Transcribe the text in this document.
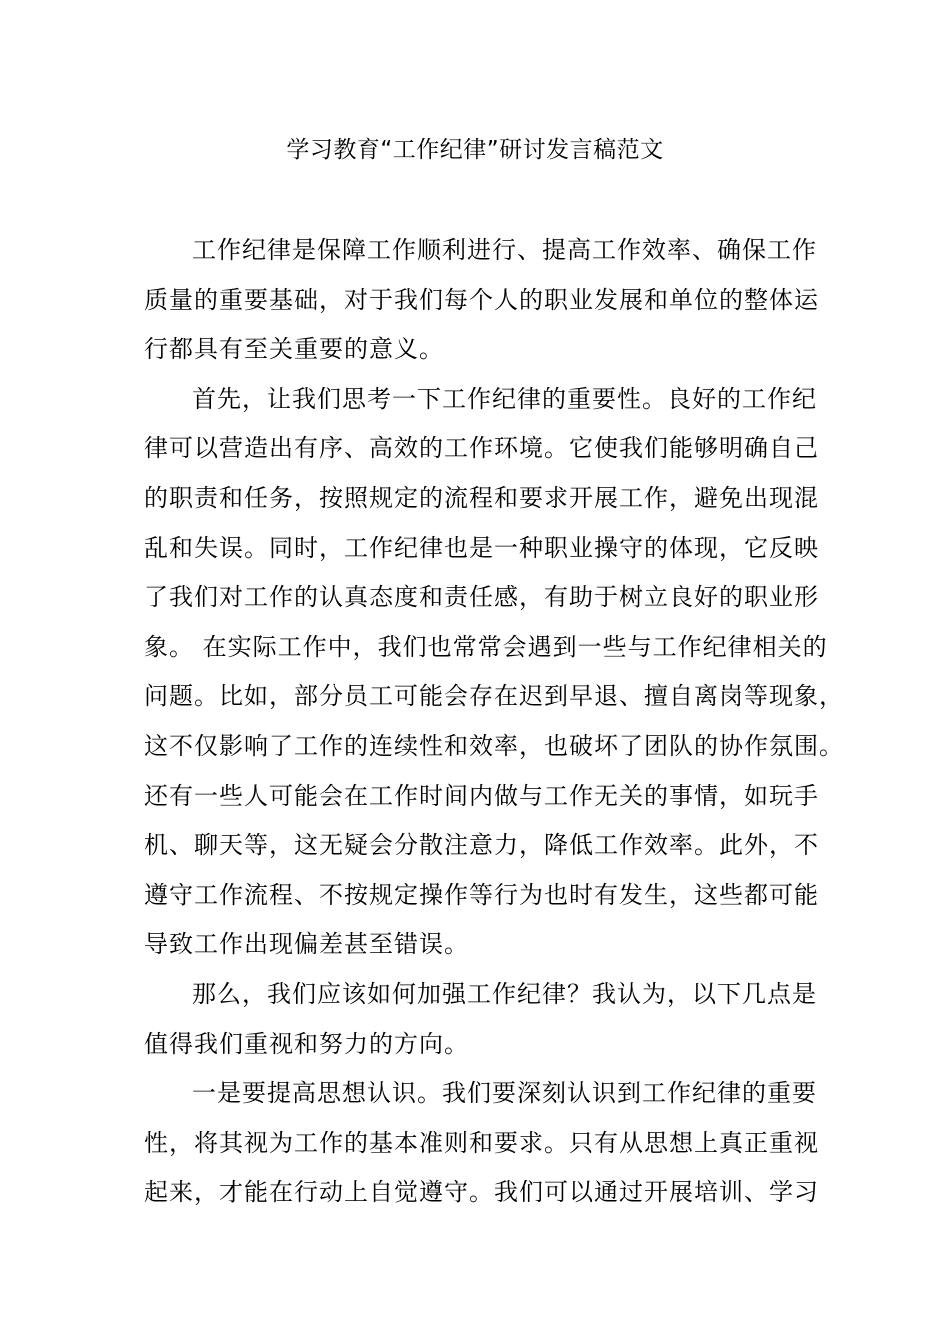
学习教育“工作纪律”研讨发言稿范文

工作纪律是保障工作顺利进行、提高工作效率、确保工作
质量的重要基础，对于我们每个人的职业发展和单位的整体运
行都具有至关重要的意义。

首先，让我们思考一下工作纪律的重要性。良好的工作纪
律可以营造出有序、高效的工作环境。它使我们能够明确自己
的职责和任务，按照规定的流程和要求开展工作，避免出现混
乱和失误。同时，工作纪律也是一种职业操守的体现，它反映
了我们对工作的认真态度和责任感，有助于树立良好的职业形
象。 在实际工作中，我们也常常会遇到一些与工作纪律相关的
问题。比如，部分员工可能会存在迟到早退、擅自离岗等现象，
这不仅影响了工作的连续性和效率，也破坏了团队的协作氛围。
还有一些人可能会在工作时间内做与工作无关的事情，如玩手
机、聊天等，这无疑会分散注意力，降低工作效率。此外，不
遵守工作流程、不按规定操作等行为也时有发生，这些都可能
导致工作出现偏差甚至错误。

那么，我们应该如何加强工作纪律？我认为，以下几点是
值得我们重视和努力的方向。

一是要提高思想认识。我们要深刻认识到工作纪律的重要
性，将其视为工作的基本准则和要求。只有从思想上真正重视
起来，才能在行动上自觉遵守。我们可以通过开展培训、学习
